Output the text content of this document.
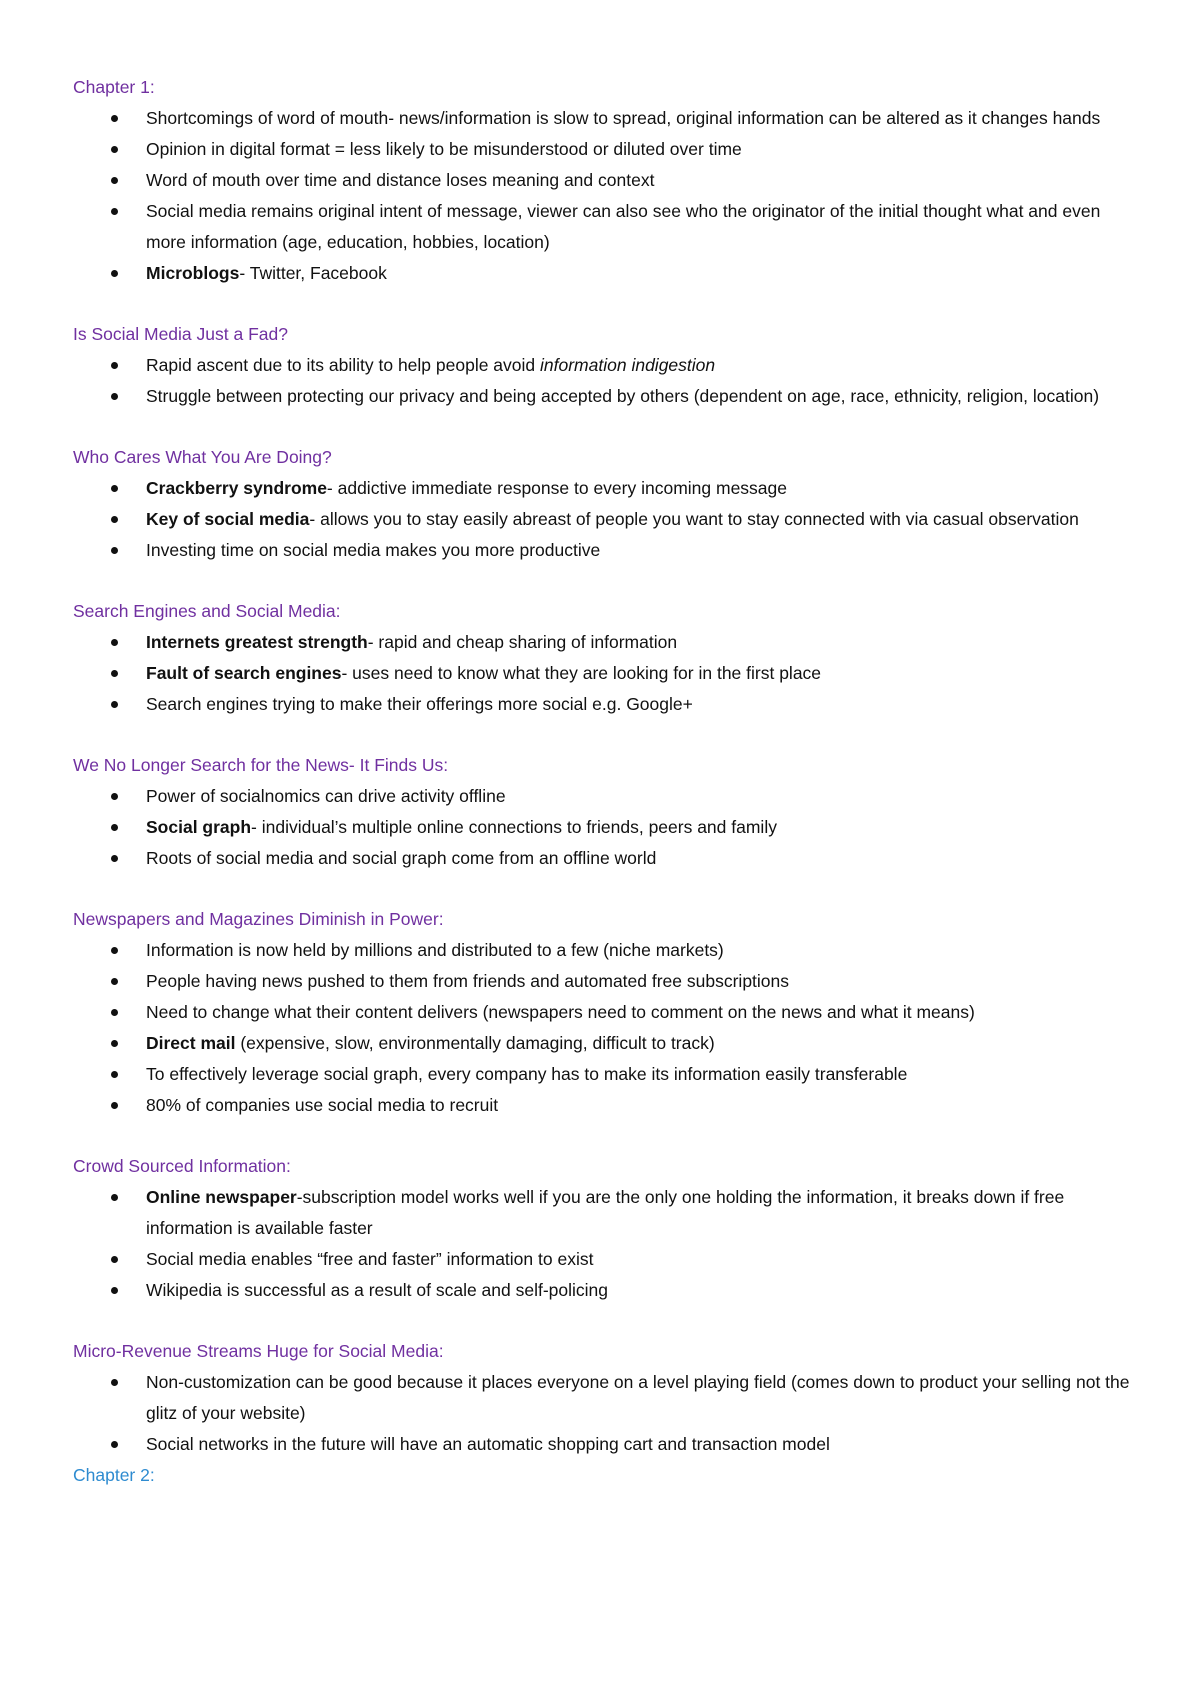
Chapter 1:
Shortcomings of word of mouth- news/information is slow to spread, original information can be altered as it changes hands
Opinion in digital format = less likely to be misunderstood or diluted over time
Word of mouth over time and distance loses meaning and context
Social media remains original intent of message, viewer can also see who the originator of the initial thought what and even more information (age, education, hobbies, location)
Microblogs- Twitter, Facebook
Is Social Media Just a Fad?
Rapid ascent due to its ability to help people avoid information indigestion
Struggle between protecting our privacy and being accepted by others (dependent on age, race, ethnicity, religion, location)
Who Cares What You Are Doing?
Crackberry syndrome- addictive immediate response to every incoming message
Key of social media- allows you to stay easily abreast of people you want to stay connected with via casual observation
Investing time on social media makes you more productive
Search Engines and Social Media:
Internets greatest strength- rapid and cheap sharing of information
Fault of search engines- uses need to know what they are looking for in the first place
Search engines trying to make their offerings more social e.g. Google+
We No Longer Search for the News- It Finds Us:
Power of socialnomics can drive activity offline
Social graph- individual’s multiple online connections to friends, peers and family
Roots of social media and social graph come from an offline world
Newspapers and Magazines Diminish in Power:
Information is now held by millions and distributed to a few (niche markets)
People having news pushed to them from friends and automated free subscriptions
Need to change what their content delivers (newspapers need to comment on the news and what it means)
Direct mail (expensive, slow, environmentally damaging, difficult to track)
To effectively leverage social graph, every company has to make its information easily transferable
80% of companies use social media to recruit
Crowd Sourced Information:
Online newspaper-subscription model works well if you are the only one holding the information, it breaks down if free information is available faster
Social media enables “free and faster” information to exist
Wikipedia is successful as a result of scale and self-policing
Micro-Revenue Streams Huge for Social Media:
Non-customization can be good because it places everyone on a level playing field (comes down to product your selling not the glitz of your website)
Social networks in the future will have an automatic shopping cart and transaction model
Chapter 2:
